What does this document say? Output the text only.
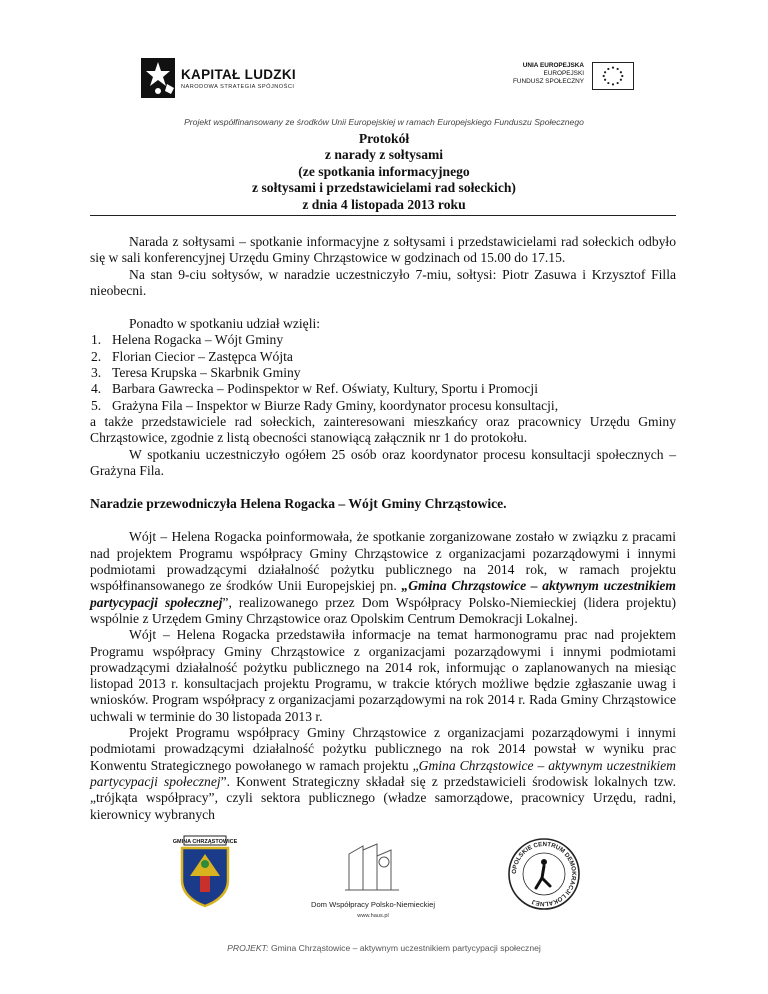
KAPITAŁ LUDZKI
NARODOWA STRATEGIA SPÓJNOŚCI
UNIA EUROPEJSKA
EUROPEJSKI
FUNDUSZ SPOŁECZNY
Projekt współfinansowany ze środków Unii Europejskiej w ramach Europejskiego Funduszu Społecznego
Protokół
z narady z sołtysami
(ze spotkania informacyjnego
z sołtysami i przedstawicielami rad sołeckich)
z dnia 4 listopada 2013 roku

Narada z sołtysami – spotkanie informacyjne z sołtysami i przedstawicielami rad sołeckich odbyło się w sali konferencyjnej Urzędu Gminy Chrząstowice w godzinach od 15.00 do 17.15.

Na stan 9-ciu sołtysów, w naradzie uczestniczyło 7-miu, sołtysi: Piotr Zasuwa i Krzysztof Filla nieobecni.

Ponadto w spotkaniu udział wzięli:

1. Helena Rogacka – Wójt Gminy
2. Florian Ciecior – Zastępca Wójta
3. Teresa Krupska – Skarbnik Gminy
4. Barbara Gawrecka – Podinspektor w Ref. Oświaty, Kultury, Sportu i Promocji
5. Grażyna Fila – Inspektor w Biurze Rady Gminy, koordynator procesu konsultacji,

a także przedstawiciele rad sołeckich, zainteresowani mieszkańcy oraz pracownicy Urzędu Gminy Chrząstowice, zgodnie z listą obecności stanowiącą załącznik nr 1 do protokołu.

W spotkaniu uczestniczyło ogółem 25 osób oraz koordynator procesu konsultacji społecznych – Grażyna Fila.

Naradzie przewodniczyła Helena Rogacka – Wójt Gminy Chrząstowice.

Wójt – Helena Rogacka poinformowała, że spotkanie zorganizowane zostało w związku z pracami nad projektem Programu współpracy Gminy Chrząstowice z organizacjami pozarządowymi i innymi podmiotami prowadzącymi działalność pożytku publicznego na 2014 rok, w ramach projektu współfinansowanego ze środków Unii Europejskiej pn. „Gmina Chrząstowice – aktywnym uczestnikiem partycypacji społecznej”, realizowanego przez Dom Współpracy Polsko-Niemieckiej (lidera projektu) wspólnie z Urzędem Gminy Chrząstowice oraz Opolskim Centrum Demokracji Lokalnej.

Wójt – Helena Rogacka przedstawiła informacje na temat harmonogramu prac nad projektem Programu współpracy Gminy Chrząstowice z organizacjami pozarządowymi i innymi podmiotami prowadzącymi działalność pożytku publicznego na 2014 rok, informując o zaplanowanych na miesiąc listopad 2013 r. konsultacjach projektu Programu, w trakcie których możliwe będzie zgłaszanie uwag i wniosków. Program współpracy z organizacjami pozarządowymi na rok 2014 r. Rada Gminy Chrząstowice uchwali w terminie do 30 listopada 2013 r.

Projekt Programu współpracy Gminy Chrząstowice z organizacjami pozarządowymi i innymi podmiotami prowadzącymi działalność pożytku publicznego na rok 2014 powstał w wyniku prac Konwentu Strategicznego powołanego w ramach projektu „Gmina Chrząstowice – aktywnym uczestnikiem partycypacji społecznej”. Konwent Strategiczny składał się z przedstawicieli środowisk lokalnych tzw. „trójkąta współpracy”, czyli sektora publicznego (władze samorządowe, pracownicy Urzędu, radni, kierownicy wybranych

GMINA CHRZĄSTOWICE
Dom Współpracy Polsko-Niemieckiej
www.haus.pl
OPOLSKIE CENTRUM DEMOKRACJI LOKALNEJ
PROJEKT: Gmina Chrząstowice – aktywnym uczestnikiem partycypacji społecznej
